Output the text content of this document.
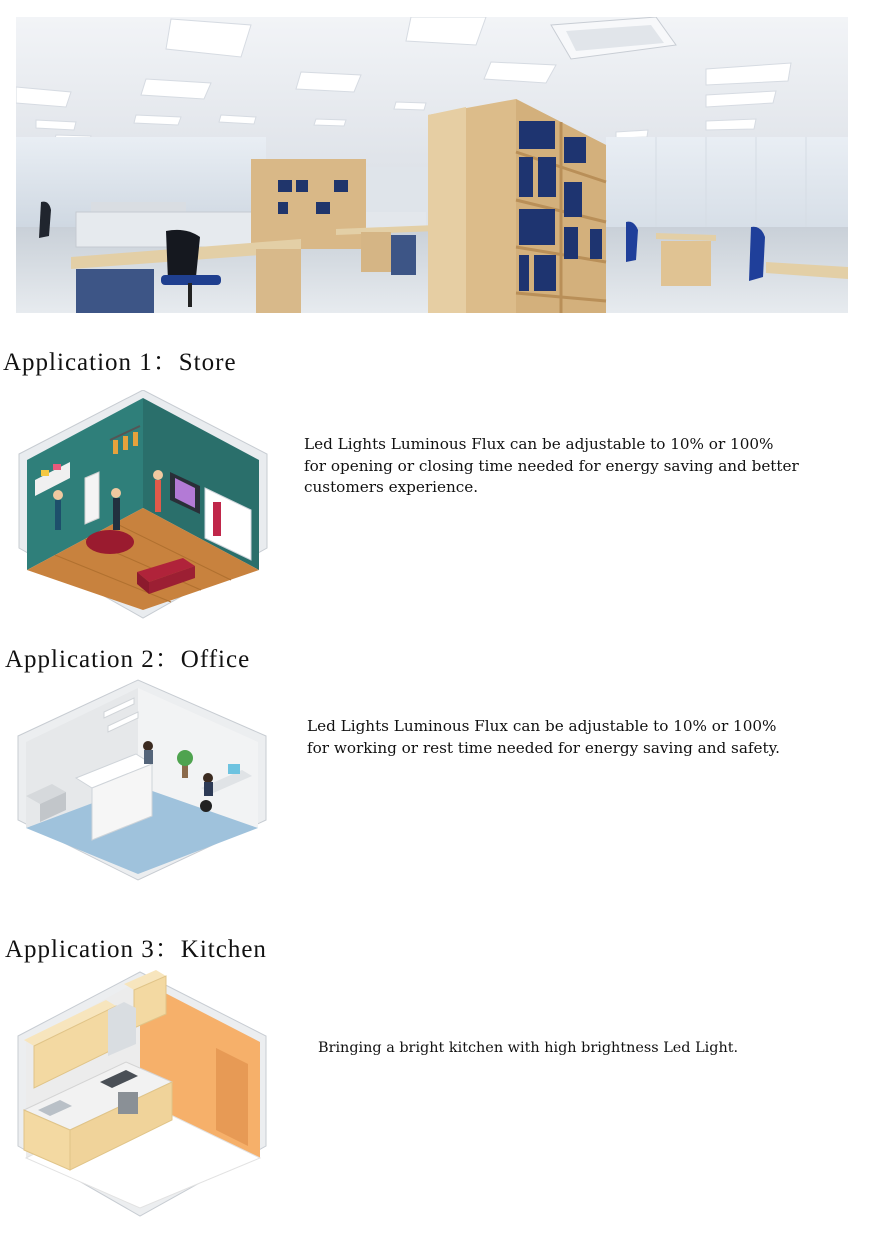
Application 1：Store
Led Lights Luminous Flux can be adjustable to 10% or 100%
for opening or closing time needed for energy saving and better
customers experience.
Application 2：Office
Led Lights Luminous Flux can be adjustable to 10% or 100%
for working or rest time needed for energy saving and safety.
Application 3：Kitchen
Bringing a bright kitchen with high brightness Led Light.
